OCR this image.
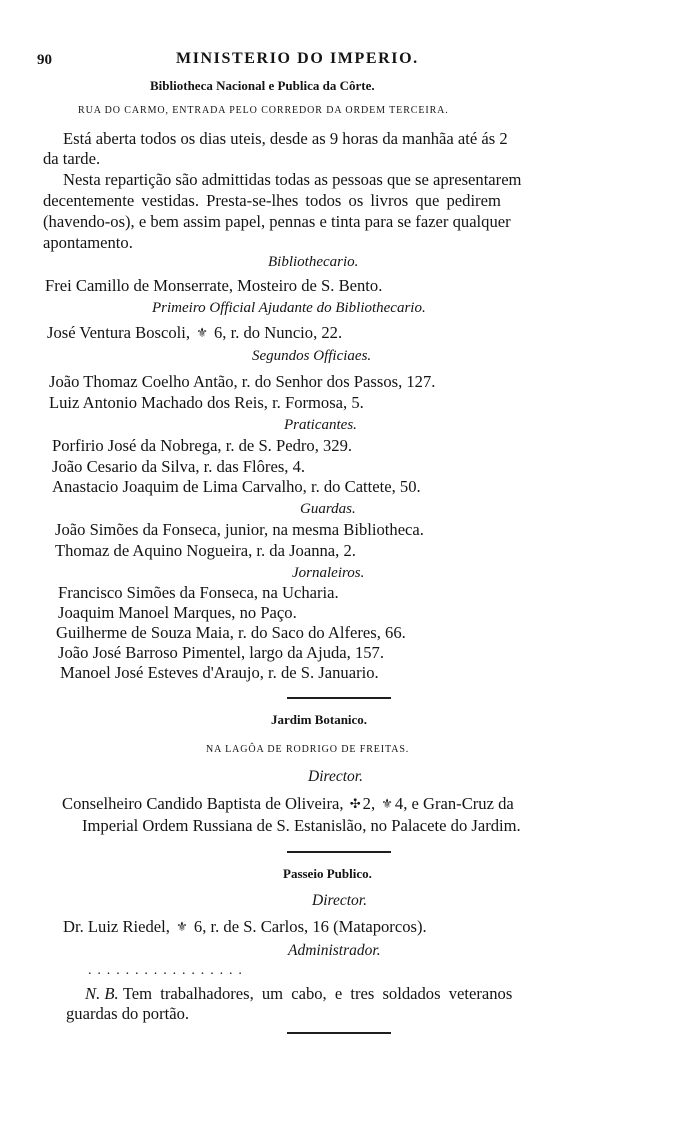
90	MINISTERIO DO IMPERIO.
Bibliotheca Nacional e Publica da Côrte.
RUA DO CARMO, ENTRADA PELO CORREDOR DA ORDEM TERCEIRA.
Está aberta todos os dias uteis, desde as 9 horas da manhãa até ás 2
da tarde.
Nesta repartição são admittidas todas as pessoas que se apresentarem
decentemente vestidas. Presta-se-lhes todos os livros que pedirem
(havendo-os), e bem assim papel, pennas e tinta para se fazer qualquer
apontamento.
Bibliothecario.
Frei Camillo de Monserrate, Mosteiro de S. Bento.
Primeiro Official Ajudante do Bibliothecario.
José Ventura Boscoli, ⚜ 6, r. do Nuncio, 22.
Segundos Officiaes.
João Thomaz Coelho Antão, r. do Senhor dos Passos, 127.
Luiz Antonio Machado dos Reis, r. Formosa, 5.
Praticantes.
Porfirio José da Nobrega, r. de S. Pedro, 329.
João Cesario da Silva, r. das Flôres, 4.
Anastacio Joaquim de Lima Carvalho, r. do Cattete, 50.
Guardas.
João Simões da Fonseca, junior, na mesma Bibliotheca.
Thomaz de Aquino Nogueira, r. da Joanna, 2.
Jornaleiros.
Francisco Simões da Fonseca, na Ucharia.
Joaquim Manoel Marques, no Paço.
Guilherme de Souza Maia, r. do Saco do Alferes, 66.
João José Barroso Pimentel, largo da Ajuda, 157.
Manoel José Esteves d'Araujo, r. de S. Januario.
Jardim Botanico.
NA LAGÔA DE RODRIGO DE FREITAS.
Director.
Conselheiro Candido Baptista de Oliveira, ✣ 2, ⚜ 4, e Gran-Cruz da
Imperial Ordem Russiana de S. Estanislão, no Palacete do Jardim.
Passeio Publico.
Director.
Dr. Luiz Riedel, ⚜ 6, r. de S. Carlos, 16 (Mataporcos).
Administrador.
. . . . . . . . . . . . . . . . .
N. B. Tem trabalhadores, um cabo, e tres soldados veteranos
guardas do portão.
